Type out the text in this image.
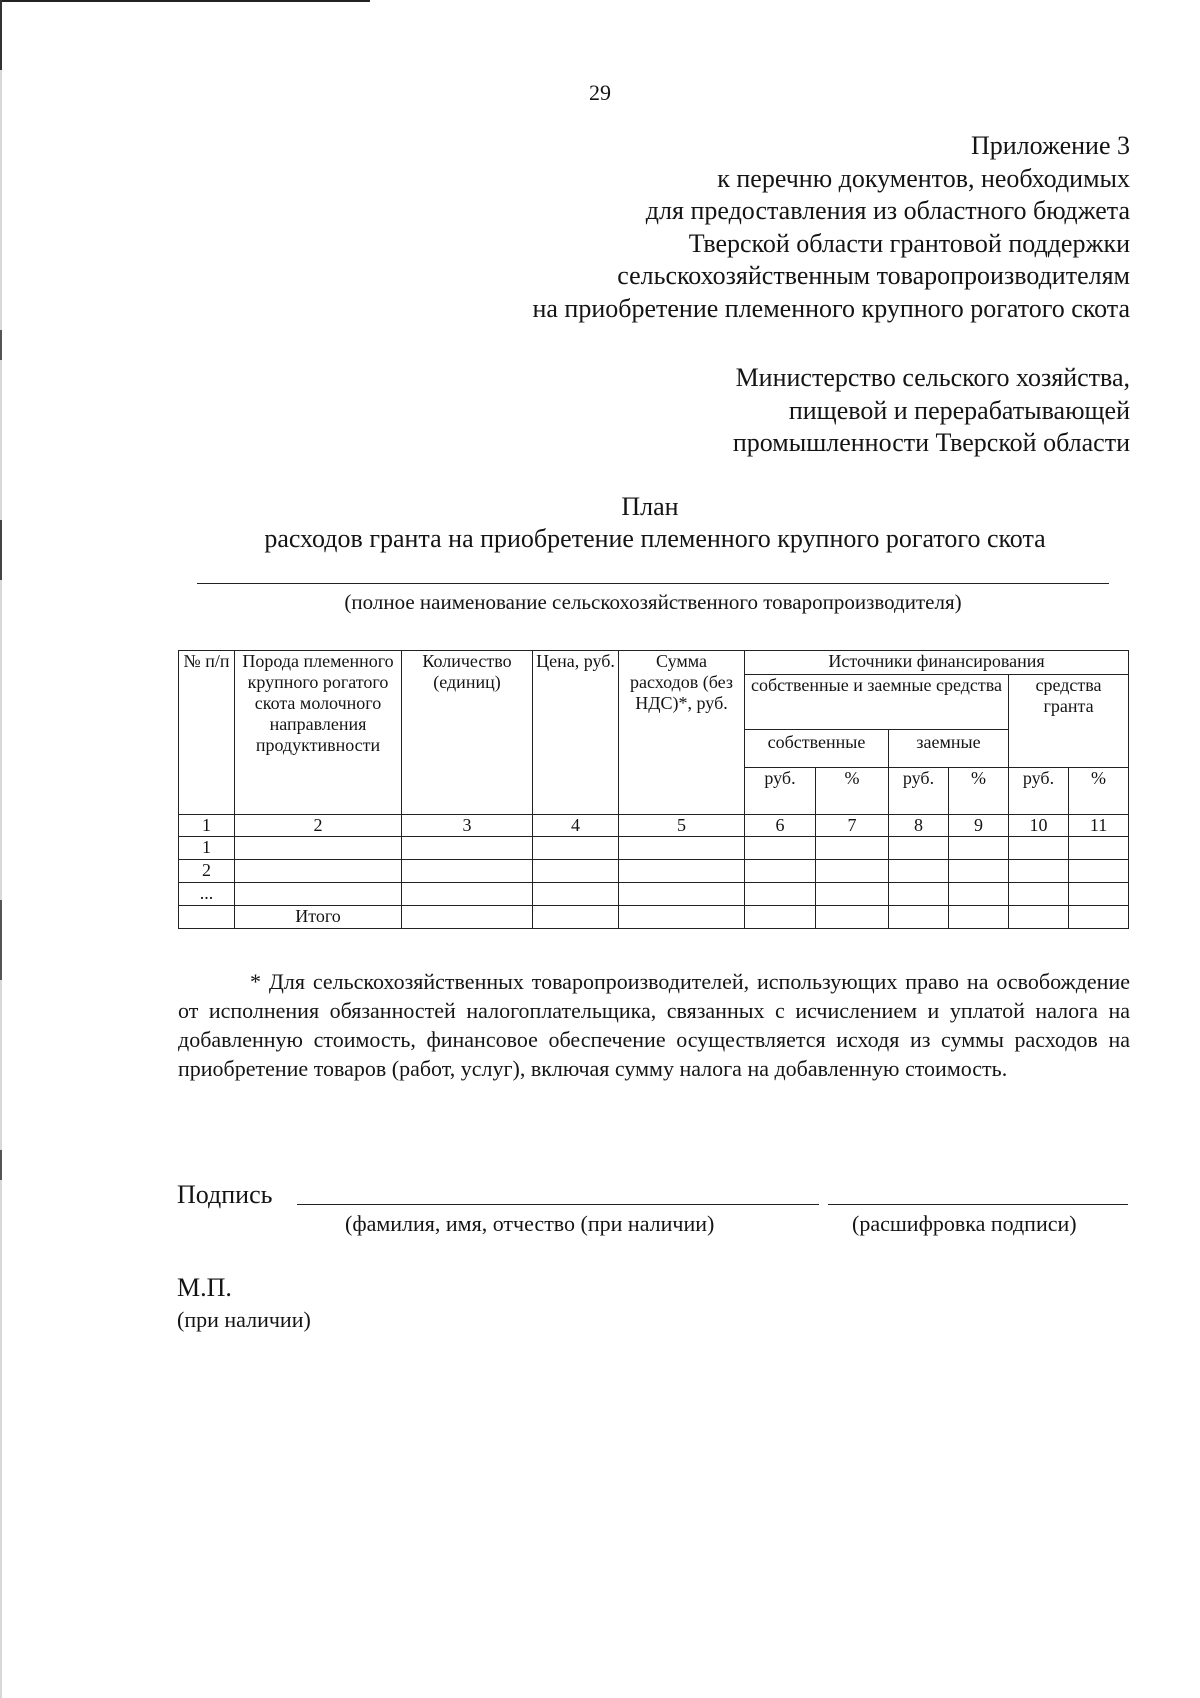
29
Приложение 3
к перечню документов, необходимых
для предоставления из областного бюджета
Тверской области грантовой поддержки
сельскохозяйственным товаропроизводителям
на приобретение племенного крупного рогатого скота
Министерство сельского хозяйства,
пищевой и перерабатывающей
промышленности Тверской области
План
расходов гранта на приобретение племенного крупного рогатого скота
(полное наименование сельскохозяйственного товаропроизводителя)
№ п/п	Порода племенного крупного рогатого скота молочного направления продуктивности	Количество (единиц)	Цена, руб.	Сумма расходов (без НДС)*, руб.	Источники финансирования					
					собственные и заемные средства				средства гранта	
					собственные		заемные			
					руб.	%	руб.	%	руб.	%
1	2	3	4	5	6	7	8	9	10	11
1										
2										
...										
	Итого									

* Для сельскохозяйственных товаропроизводителей, использующих право на освобождение от исполнения обязанностей налогоплательщика, связанных с исчислением и уплатой налога на добавленную стоимость, финансовое обеспечение осуществляется исходя из суммы расходов на приобретение товаров (работ, услуг), включая сумму налога на добавленную стоимость.

Подпись
(фамилия, имя, отчество (при наличии)	(расшифровка подписи)
М.П.
(при наличии)
